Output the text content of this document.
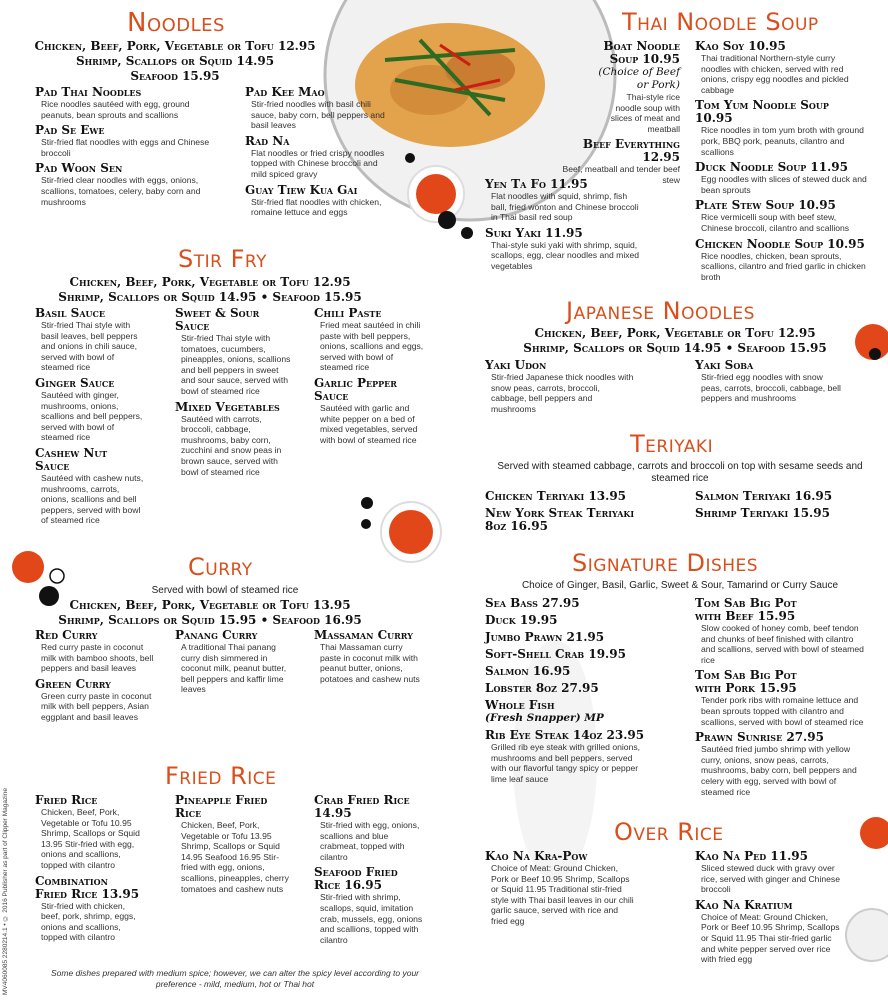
Noodles
Chicken, Beef, Pork, Vegetable or Tofu 12.95
Shrimp, Scallops or Squid 14.95
Seafood 15.95
Pad Thai Noodles
Rice noodles sautéed with egg, ground peanuts, bean sprouts and scallions
Pad Se Ewe
Stir-fried flat noodles with eggs and Chinese broccoli
Pad Woon Sen
Stir-fried clear noodles with eggs, onions, scallions, tomatoes, celery, baby corn and mushrooms
Pad Kee Mao
Stir-fried noodles with basil chili sauce, baby corn, bell peppers and basil leaves
Rad Na
Flat noodles or fried crispy noodles topped with Chinese broccoli and mild spiced gravy
Guay Tiew Kua Gai
Stir-fried flat noodles with chicken, romaine lettuce and eggs
Stir Fry
Chicken, Beef, Pork, Vegetable or Tofu 12.95
Shrimp, Scallops or Squid 14.95 • Seafood 15.95
Basil Sauce
Stir-fried Thai style with basil leaves, bell peppers and onions in chili sauce, served with bowl of steamed rice
Ginger Sauce
Sautéed with ginger, mushrooms, onions, scallions and bell peppers, served with bowl of steamed rice
Cashew Nut Sauce
Sautéed with cashew nuts, mushrooms, carrots, onions, scallions and bell peppers, served with bowl of steamed rice
Sweet & Sour Sauce
Stir-fried Thai style with tomatoes, cucumbers, pineapples, onions, scallions and bell peppers in sweet and sour sauce, served with bowl of steamed rice
Mixed Vegetables
Sautéed with carrots, broccoli, cabbage, mushrooms, baby corn, zucchini and snow peas in brown sauce, served with bowl of steamed rice
Chili Paste
Fried meat sautéed in chili paste with bell peppers, onions, scallions and eggs, served with bowl of steamed rice
Garlic Pepper Sauce
Sautéed with garlic and white pepper on a bed of mixed vegetables, served with bowl of steamed rice
Curry
Served with bowl of steamed rice
Chicken, Beef, Pork, Vegetable or Tofu 13.95
Shrimp, Scallops or Squid 15.95 • Seafood 16.95
Red Curry
Red curry paste in coconut milk with bamboo shoots, bell peppers and basil leaves
Green Curry
Green curry paste in coconut milk with bell peppers, Asian eggplant and basil leaves
Panang Curry
A traditional Thai panang curry dish simmered in coconut milk, peanut butter, bell peppers and kaffir lime leaves
Massaman Curry
Thai Massaman curry paste in coconut milk with peanut butter, onions, potatoes and cashew nuts
Fried Rice
Fried Rice
Chicken, Beef, Pork, Vegetable or Tofu 10.95 Shrimp, Scallops or Squid 13.95 Stir-fried with egg, onions and scallions, topped with cilantro
Combination Fried Rice 13.95
Stir-fried with chicken, beef, pork, shrimp, eggs, onions and scallions, topped with cilantro
Pineapple Fried Rice
Chicken, Beef, Pork, Vegetable or Tofu 13.95 Shrimp, Scallops or Squid 14.95 Seafood 16.95 Stir-fried with egg, onions, scallions, pineapples, cherry tomatoes and cashew nuts
Crab Fried Rice 14.95
Stir-fried with egg, onions, scallions and blue crabmeat, topped with cilantro
Seafood Fried Rice 16.95
Stir-fried with shrimp, scallops, squid, imitation crab, mussels, egg, onions and scallions, topped with cilantro
Some dishes prepared with medium spice; however, we can alter the spicy level according to your preference - mild, medium, hot or Thai hot
Thai Noodle Soup
Boat Noodle Soup 10.95
(Choice of Beef or Pork)
Thai-style rice noodle soup with slices of meat and meatball
Beef Everything 12.95
Beef, meatball and tender beef stew
Yen Ta Fo 11.95
Flat noodles with squid, shrimp, fish ball, fried wonton and Chinese broccoli in Thai basil red soup
Suki Yaki 11.95
Thai-style suki yaki with shrimp, squid, scallops, egg, clear noodles and mixed vegetables
Kao Soy 10.95
Thai traditional Northern-style curry noodles with chicken, served with red onions, crispy egg noodles and pickled cabbage
Tom Yum Noodle Soup 10.95
Rice noodles in tom yum broth with ground pork, BBQ pork, peanuts, cilantro and scallions
Duck Noodle Soup 11.95
Egg noodles with slices of stewed duck and bean sprouts
Plate Stew Soup 10.95
Rice vermicelli soup with beef stew, Chinese broccoli, cilantro and scallions
Chicken Noodle Soup 10.95
Rice noodles, chicken, bean sprouts, scallions, cilantro and fried garlic in chicken broth
Japanese Noodles
Chicken, Beef, Pork, Vegetable or Tofu 12.95
Shrimp, Scallops or Squid 14.95 • Seafood 15.95
Yaki Udon
Stir-fried Japanese thick noodles with snow peas, carrots, broccoli, cabbage, bell peppers and mushrooms
Yaki Soba
Stir-fried egg noodles with snow peas, carrots, broccoli, cabbage, bell peppers and mushrooms
Teriyaki
Served with steamed cabbage, carrots and broccoli on top with sesame seeds and steamed rice
Chicken Teriyaki 13.95
New York Steak Teriyaki 8oz 16.95
Salmon Teriyaki 16.95
Shrimp Teriyaki 15.95
Signature Dishes
Choice of Ginger, Basil, Garlic, Sweet & Sour, Tamarind or Curry Sauce
Sea Bass 27.95
Duck 19.95
Jumbo Prawn 21.95
Soft-Shell Crab 19.95
Salmon 16.95
Lobster 8oz 27.95
Whole Fish
(Fresh Snapper) MP
Rib Eye Steak 14oz 23.95
Grilled rib eye steak with grilled onions, mushrooms and bell peppers, served with our flavorful tangy spicy or pepper lime leaf sauce
Tom Sab Big Pot with Beef 15.95
Slow cooked of honey comb, beef tendon and chunks of beef finished with cilantro and scallions, served with bowl of steamed rice
Tom Sab Big Pot with Pork 15.95
Tender pork ribs with romaine lettuce and bean sprouts topped with cilantro and scallions, served with bowl of steamed rice
Prawn Sunrise 27.95
Sautéed fried jumbo shrimp with yellow curry, onions, snow peas, carrots, mushrooms, baby corn, bell peppers and celery with egg, served with bowl of steamed rice
Over Rice
Kao Na Kra-Pow
Choice of Meat: Ground Chicken, Pork or Beef 10.95 Shrimp, Scallops or Squid 11.95 Traditional stir-fried style with Thai basil leaves in our chili garlic sauce, served with rice and fried egg
Kao Na Ped 11.95
Sliced stewed duck with gravy over rice, served with ginger and Chinese broccoli
Kao Na Kratium
Choice of Meat: Ground Chicken, Pork or Beef 10.95 Shrimp, Scallops or Squid 11.95 Thai stir-fried garlic and white pepper served over rice with fried egg
MV4060085 2280214.1 • © 2016 Publisher as part of Clipper Magazine
